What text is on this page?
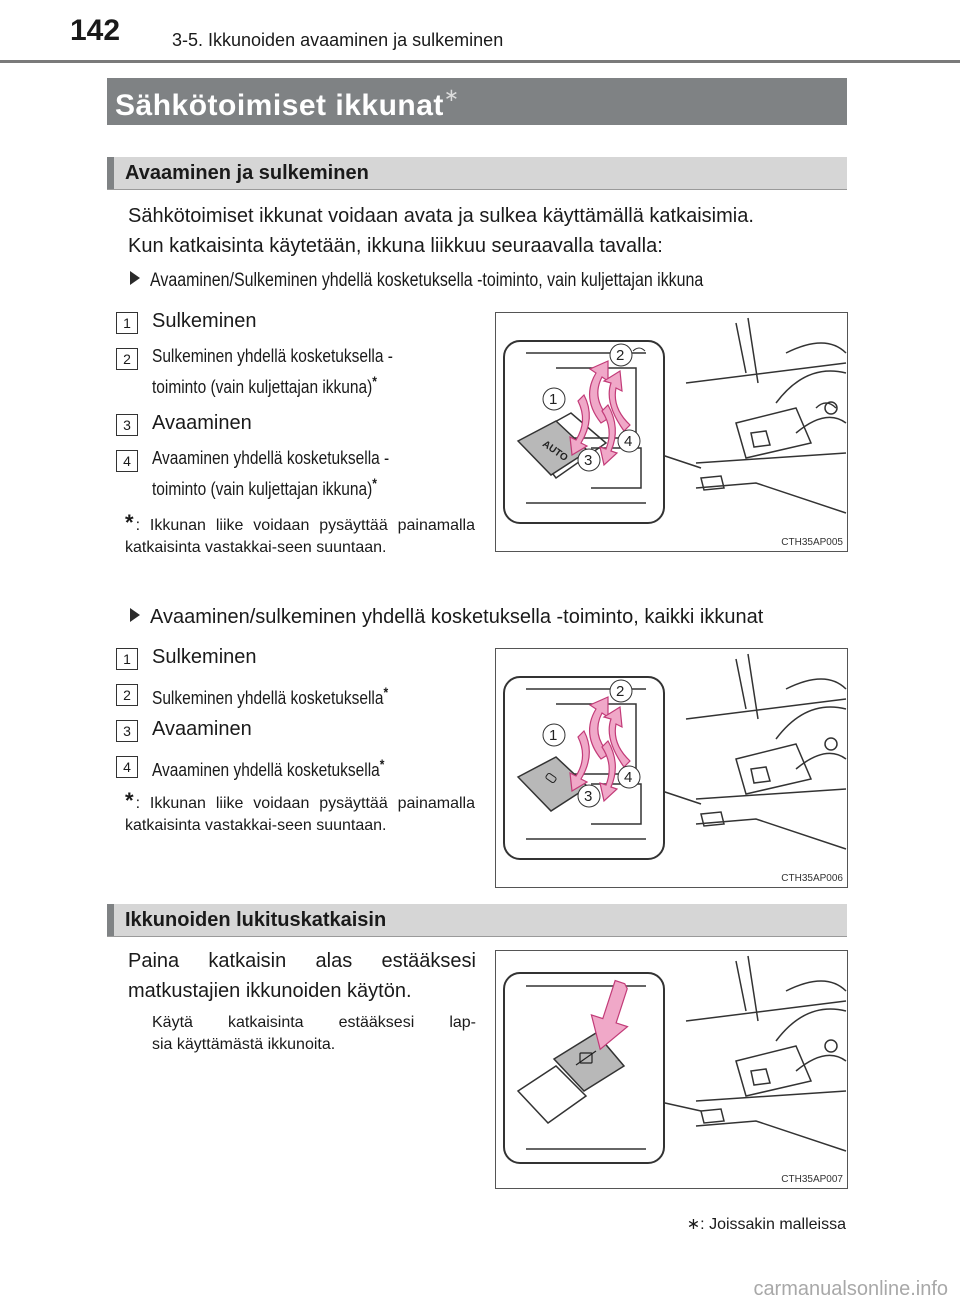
142	3-5. Ikkunoiden avaaminen ja sulkeminen
Sähkötoimiset ikkunat∗
Avaaminen ja sulkeminen
Sähkötoimiset ikkunat voidaan avata ja sulkea käyttämällä katkaisimia.
Kun katkaisinta käytetään, ikkuna liikkuu seuraavalla tavalla:
Avaaminen/Sulkeminen yhdellä kosketuksella -toiminto, vain kuljettajan ikkuna
1	Sulkeminen
2	Sulkeminen yhdellä kosketuksella -
toiminto (vain kuljettajan ikkuna)*
3	Avaaminen
4	Avaaminen yhdellä kosketuksella -
toiminto (vain kuljettajan ikkuna)*
* : Ikkunan liike voidaan pysäyttää painamalla katkaisinta vastakkai-seen suuntaan.
AUTO
2
1
4
3
CTH35AP005
Avaaminen/sulkeminen yhdellä kosketuksella -toiminto, kaikki ikkunat
1	Sulkeminen
2	Sulkeminen yhdellä kosketuksella*
3	Avaaminen
4	Avaaminen yhdellä kosketuksella*
* : Ikkunan liike voidaan pysäyttää painamalla katkaisinta vastakkai-seen suuntaan.
2
1
4
3
CTH35AP006
Ikkunoiden lukituskatkaisin
Paina katkaisin alas estääksesi
matkustajien ikkunoiden käytön.
Käytä katkaisinta estääksesi lap-
sia käyttämästä ikkunoita.
CTH35AP007
∗: Joissakin malleissa
carmanualsonline.info
